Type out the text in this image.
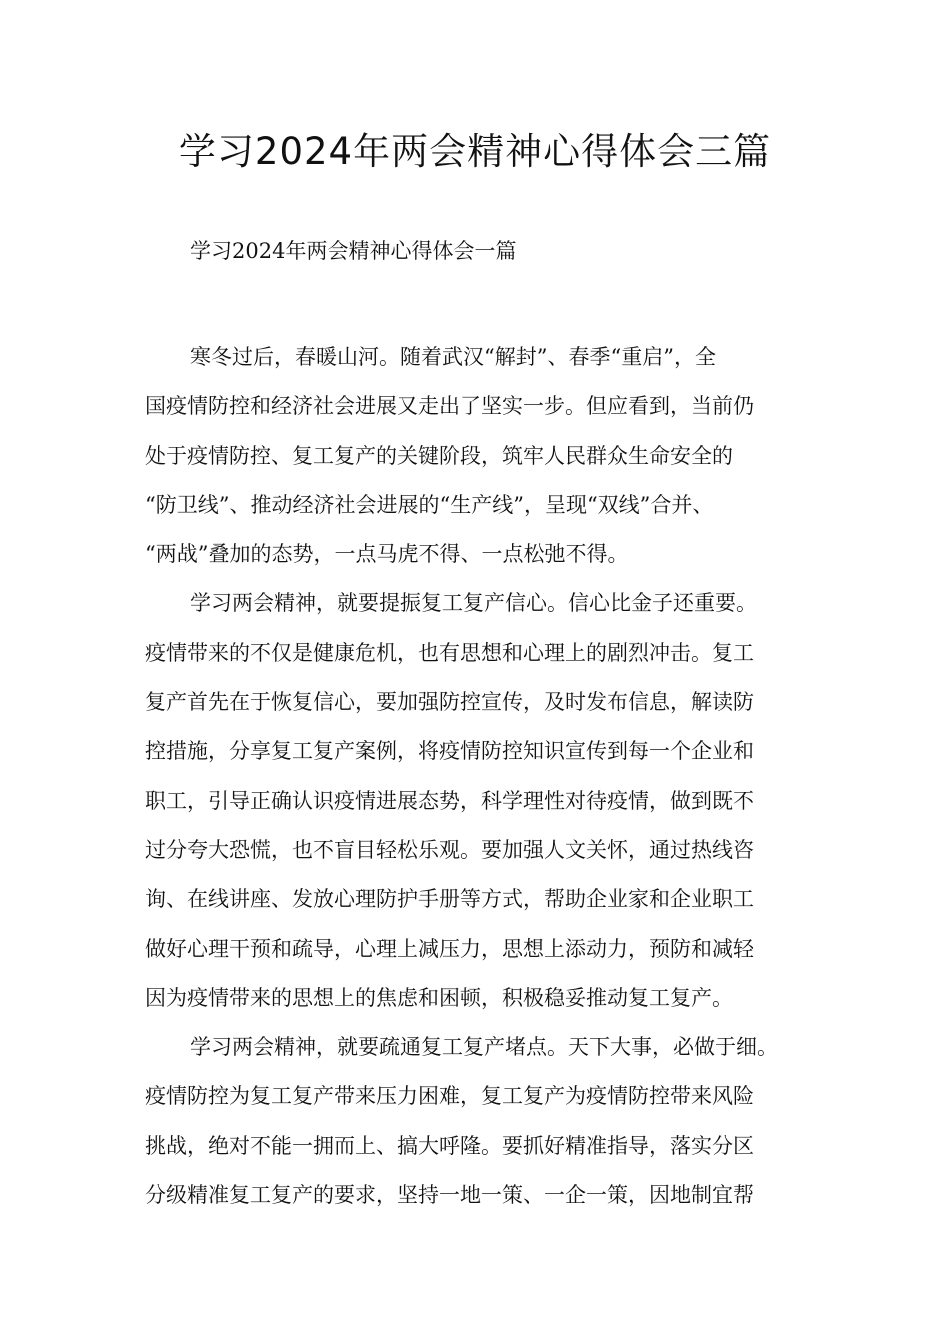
学习2024年两会精神心得体会三篇

学习2024年两会精神心得体会一篇

寒冬过后，春暖山河。随着武汉“解封”、春季“重启”，全
国疫情防控和经济社会进展又走出了坚实一步。但应看到，当前仍
处于疫情防控、复工复产的关键阶段，筑牢人民群众生命安全的
“防卫线”、推动经济社会进展的“生产线”，呈现“双线”合并、
“两战”叠加的态势，一点马虎不得、一点松弛不得。
学习两会精神，就要提振复工复产信心。信心比金子还重要。
疫情带来的不仅是健康危机，也有思想和心理上的剧烈冲击。复工
复产首先在于恢复信心，要加强防控宣传，及时发布信息，解读防
控措施，分享复工复产案例，将疫情防控知识宣传到每一个企业和
职工，引导正确认识疫情进展态势，科学理性对待疫情，做到既不
过分夸大恐慌，也不盲目轻松乐观。要加强人文关怀，通过热线咨
询、在线讲座、发放心理防护手册等方式，帮助企业家和企业职工
做好心理干预和疏导，心理上减压力，思想上添动力，预防和减轻
因为疫情带来的思想上的焦虑和困顿，积极稳妥推动复工复产。
学习两会精神，就要疏通复工复产堵点。天下大事，必做于细。
疫情防控为复工复产带来压力困难，复工复产为疫情防控带来风险
挑战，绝对不能一拥而上、搞大呼隆。要抓好精准指导，落实分区
分级精准复工复产的要求，坚持一地一策、一企一策，因地制宜帮
